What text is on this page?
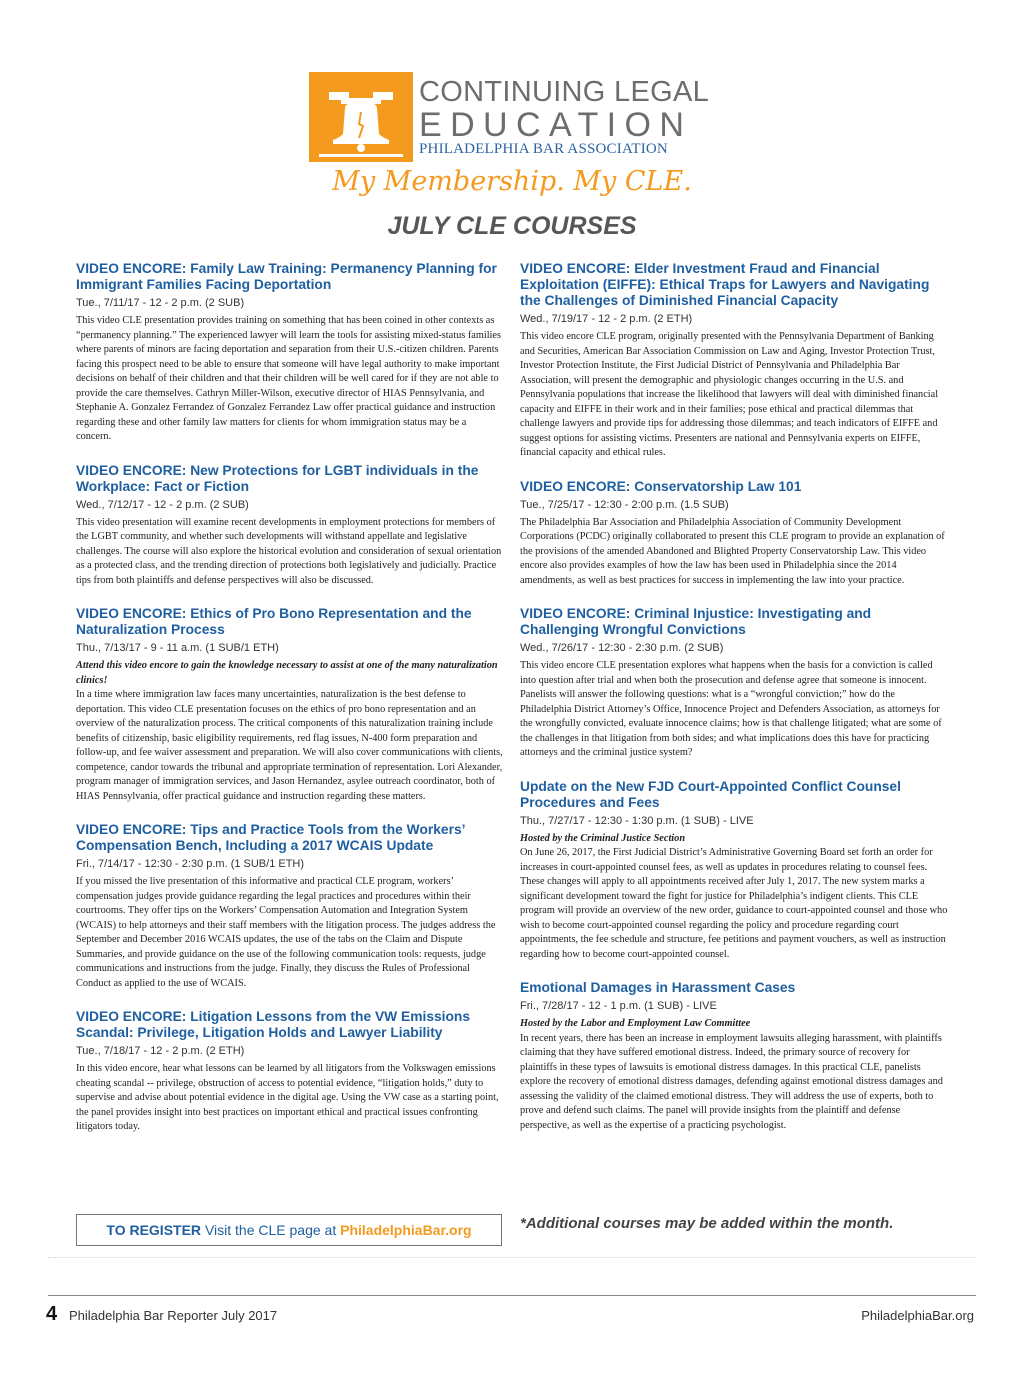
CONTINUING LEGAL
EDUCATION
PHILADELPHIA BAR ASSOCIATION
My Membership. My CLE.
JULY CLE COURSES
VIDEO ENCORE: Family Law Training: Permanency Planning for Immigrant Families Facing Deportation
Tue., 7/11/17 - 12 - 2 p.m. (2 SUB)
This video CLE presentation provides training on something that has been coined in other contexts as “permanency planning.” The experienced lawyer will learn the tools for assisting mixed-status families where parents of minors are facing deportation and separation from their U.S.-citizen children. Parents facing this prospect need to be able to ensure that someone will have legal authority to make important decisions on behalf of their children and that their children will be well cared for if they are not able to provide the care themselves. Cathryn Miller-Wilson, executive director of HIAS Pennsylvania, and Stephanie A. Gonzalez Ferrandez of Gonzalez Ferrandez Law offer practical guidance and instruction regarding these and other family law matters for clients for whom immigration status may be a concern.
VIDEO ENCORE: New Protections for LGBT individuals in the Workplace: Fact or Fiction
Wed., 7/12/17 - 12 - 2 p.m. (2 SUB)
This video presentation will examine recent developments in employment protections for members of the LGBT community, and whether such developments will withstand appellate and legislative challenges. The course will also explore the historical evolution and consideration of sexual orientation as a protected class, and the trending direction of protections both legislatively and judicially. Practice tips from both plaintiffs and defense perspectives will also be discussed.
VIDEO ENCORE: Ethics of Pro Bono Representation and the Naturalization Process
Thu., 7/13/17 - 9 - 11 a.m. (1 SUB/1 ETH)
Attend this video encore to gain the knowledge necessary to assist at one of the many naturalization clinics!
In a time where immigration law faces many uncertainties, naturalization is the best defense to deportation. This video CLE presentation focuses on the ethics of pro bono representation and an overview of the naturalization process. The critical components of this naturalization training include benefits of citizenship, basic eligibility requirements, red flag issues, N-400 form preparation and follow-up, and fee waiver assessment and preparation. We will also cover communications with clients, competence, candor towards the tribunal and appropriate termination of representation. Lori Alexander, program manager of immigration services, and Jason Hernandez, asylee outreach coordinator, both of HIAS Pennsylvania, offer practical guidance and instruction regarding these matters.
VIDEO ENCORE: Tips and Practice Tools from the Workers’ Compensation Bench, Including a 2017 WCAIS Update
Fri., 7/14/17 - 12:30 - 2:30 p.m. (1 SUB/1 ETH)
If you missed the live presentation of this informative and practical CLE program, workers’ compensation judges provide guidance regarding the legal practices and procedures within their courtrooms. They offer tips on the Workers’ Compensation Automation and Integration System (WCAIS) to help attorneys and their staff members with the litigation process. The judges address the September and December 2016 WCAIS updates, the use of the tabs on the Claim and Dispute Summaries, and provide guidance on the use of the following communication tools: requests, judge communications and instructions from the judge. Finally, they discuss the Rules of Professional Conduct as applied to the use of WCAIS.
VIDEO ENCORE: Litigation Lessons from the VW Emissions Scandal: Privilege, Litigation Holds and Lawyer Liability
Tue., 7/18/17 - 12 - 2 p.m. (2 ETH)
In this video encore, hear what lessons can be learned by all litigators from the Volkswagen emissions cheating scandal -- privilege, obstruction of access to potential evidence, “litigation holds,” duty to supervise and advise about potential evidence in the digital age. Using the VW case as a starting point, the panel provides insight into best practices on important ethical and practical issues confronting litigators today.
VIDEO ENCORE: Elder Investment Fraud and Financial Exploitation (EIFFE): Ethical Traps for Lawyers and Navigating the Challenges of Diminished Financial Capacity
Wed., 7/19/17 - 12 - 2 p.m. (2 ETH)
This video encore CLE program, originally presented with the Pennsylvania Department of Banking and Securities, American Bar Association Commission on Law and Aging, Investor Protection Trust, Investor Protection Institute, the First Judicial District of Pennsylvania and Philadelphia Bar Association, will present the demographic and physiologic changes occurring in the U.S. and Pennsylvania populations that increase the likelihood that lawyers will deal with diminished financial capacity and EIFFE in their work and in their families; pose ethical and practical dilemmas that challenge lawyers and provide tips for addressing those dilemmas; and teach indicators of EIFFE and suggest options for assisting victims. Presenters are national and Pennsylvania experts on EIFFE, financial capacity and ethical rules.
VIDEO ENCORE: Conservatorship Law 101
Tue., 7/25/17 - 12:30 - 2:00 p.m. (1.5 SUB)
The Philadelphia Bar Association and Philadelphia Association of Community Development Corporations (PCDC) originally collaborated to present this CLE program to provide an explanation of the provisions of the amended Abandoned and Blighted Property Conservatorship Law. This video encore also provides examples of how the law has been used in Philadelphia since the 2014 amendments, as well as best practices for success in implementing the law into your practice.
VIDEO ENCORE: Criminal Injustice: Investigating and Challenging Wrongful Convictions
Wed., 7/26/17 - 12:30 - 2:30 p.m. (2 SUB)
This video encore CLE presentation explores what happens when the basis for a conviction is called into question after trial and when both the prosecution and defense agree that someone is innocent. Panelists will answer the following questions: what is a “wrongful conviction;” how do the Philadelphia District Attorney’s Office, Innocence Project and Defenders Association, as attorneys for the wrongfully convicted, evaluate innocence claims; how is that challenge litigated; what are some of the challenges in that litigation from both sides; and what implications does this have for practicing attorneys and the criminal justice system?
Update on the New FJD Court-Appointed Conflict Counsel Procedures and Fees
Thu., 7/27/17 - 12:30 - 1:30 p.m. (1 SUB) - LIVE
Hosted by the Criminal Justice Section
On June 26, 2017, the First Judicial District’s Administrative Governing Board set forth an order for increases in court-appointed counsel fees, as well as updates in procedures relating to counsel fees. These changes will apply to all appointments received after July 1, 2017. The new system marks a significant development toward the fight for justice for Philadelphia’s indigent clients. This CLE program will provide an overview of the new order, guidance to court-appointed counsel and those who wish to become court-appointed counsel regarding the policy and procedure regarding court appointments, the fee schedule and structure, fee petitions and payment vouchers, as well as instruction regarding how to become court-appointed counsel.
Emotional Damages in Harassment Cases
Fri., 7/28/17 - 12 - 1 p.m. (1 SUB) - LIVE
Hosted by the Labor and Employment Law Committee
In recent years, there has been an increase in employment lawsuits alleging harassment, with plaintiffs claiming that they have suffered emotional distress. Indeed, the primary source of recovery for plaintiffs in these types of lawsuits is emotional distress damages. In this practical CLE, panelists explore the recovery of emotional distress damages, defending against emotional distress damages and assessing the validity of the claimed emotional distress. They will address the use of experts, both to prove and defend such claims. The panel will provide insights from the plaintiff and defense perspective, as well as the expertise of a practicing psychologist.
TO REGISTER Visit the CLE page at PhiladelphiaBar.org	*Additional courses may be added within the month.
4 Philadelphia Bar Reporter July 2017	PhiladelphiaBar.org
